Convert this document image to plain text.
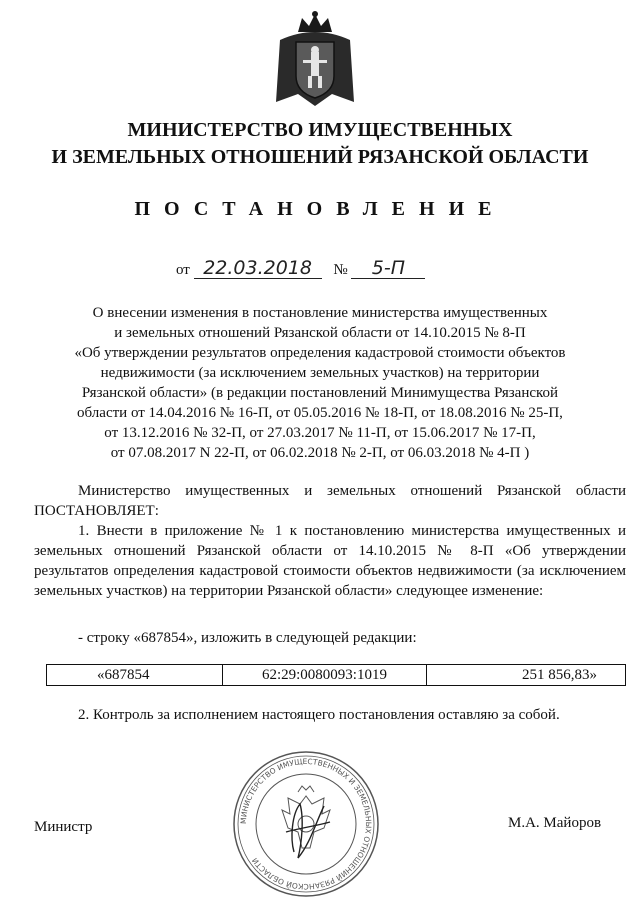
МИНИСТЕРСТВО ИМУЩЕСТВЕННЫХ
И ЗЕМЕЛЬНЫХ ОТНОШЕНИЙ РЯЗАНСКОЙ ОБЛАСТИ
ПОСТАНОВЛЕНИЕ
от 22.03.2018 № 5-П
О внесении изменения в постановление министерства имущественных
и земельных отношений Рязанской области от 14.10.2015 № 8-П
«Об утверждении результатов определения кадастровой стоимости объектов
недвижимости (за исключением земельных участков) на территории
Рязанской области» (в редакции постановлений Минимущества Рязанской
области от 14.04.2016 № 16-П, от 05.05.2016 № 18-П, от 18.08.2016 № 25-П,
от 13.12.2016 № 32-П, от 27.03.2017 № 11-П, от 15.06.2017 № 17-П,
от 07.08.2017 N 22-П, от 06.02.2018 № 2-П, от 06.03.2018 № 4-П )
Министерство имущественных и земельных отношений Рязанской области ПОСТАНОВЛЯЕТ:
1. Внести в приложение № 1 к постановлению министерства имущественных и земельных отношений Рязанской области от 14.10.2015 № 8-П «Об утверждении результатов определения кадастровой стоимости объектов недвижимости (за исключением земельных участков) на территории Рязанской области» следующее изменение:
- строку «687854», изложить в следующей редакции:
«687854	62:29:0080093:1019	251 856,83»
2. Контроль за исполнением настоящего постановления оставляю за собой.
МИНИСТЕРСТВО ИМУЩЕСТВЕННЫХ И ЗЕМЕЛЬНЫХ ОТНОШЕНИЙ РЯЗАНСКОЙ ОБЛАСТИ
Министр	М.А. Майоров
